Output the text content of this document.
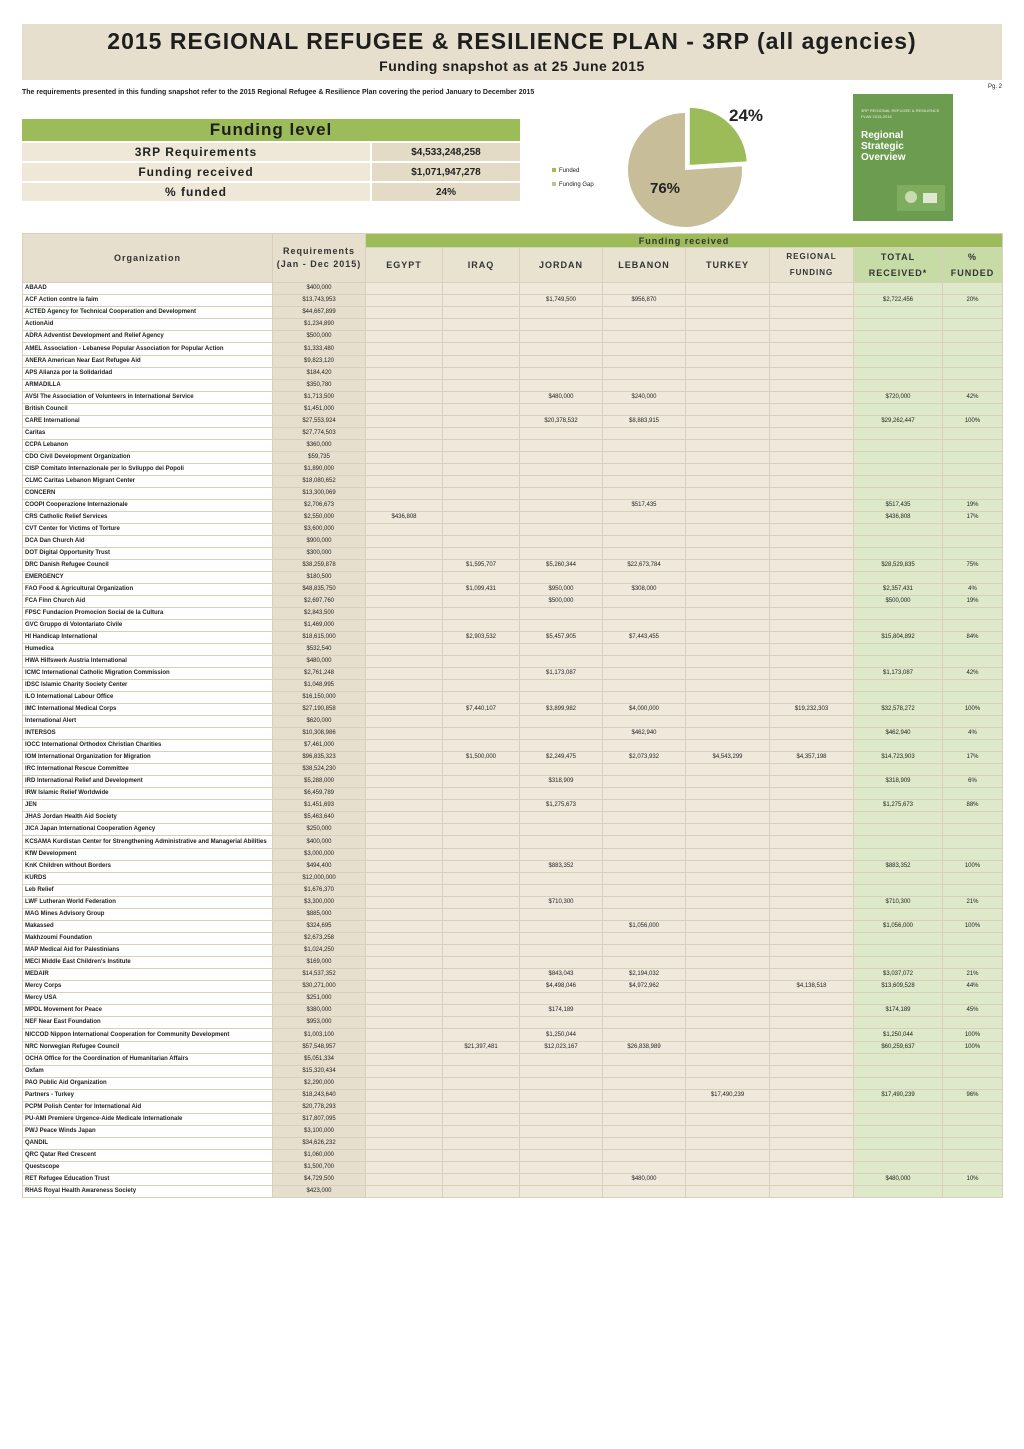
2015 REGIONAL REFUGEE & RESILIENCE PLAN - 3RP (all agencies)
Funding snapshot as at 25 June 2015
The requirements presented in this funding snapshot refer to the 2015 Regional Refugee & Resilience Plan covering the period January to December 2015
Pg. 2
Funding level	
3RP Requirements	$4,533,248,258
Funding received	$1,071,947,278
% funded	24%
Funded
Funding Gap
24%
76%
3RP REGIONAL REFUGEE & RESILIENCE PLAN 2015-2016
Regional Strategic Overview
Organization	Requirements (Jan - Dec 2015)	Funding received							
		EGYPT	IRAQ	JORDAN	LEBANON	TURKEY	REGIONAL FUNDING	TOTAL RECEIVED*	% FUNDED
ABAAD	$400,000								
ACF Action contre la faim	$13,743,953			$1,749,500	$956,870			$2,722,456	20%
ACTED Agency for Technical Cooperation and Development	$44,667,899								
ActionAid	$1,234,890								
ADRA Adventist Development and Relief Agency	$500,000								
AMEL Association - Lebanese Popular Association for Popular Action	$1,333,480								
ANERA American Near East Refugee Aid	$9,823,120								
APS Alianza por la Solidaridad	$184,420								
ARMADILLA	$350,780								
AVSI The Association of Volunteers in International Service	$1,713,500			$480,000	$240,000			$720,000	42%
British Council	$1,451,000								
CARE International	$27,553,924			$20,378,532	$8,883,915			$29,262,447	100%
Caritas	$27,774,503								
CCPA Lebanon	$360,000								
CDO Civil Development Organization	$59,735								
CISP Comitato Internazionale per lo Sviluppo dei Popoli	$1,890,000								
CLMC Caritas Lebanon Migrant Center	$18,080,652								
CONCERN	$13,300,069								
COOPI Cooperazione Internazionale	$2,706,673				$517,435			$517,435	19%
CRS Catholic Relief Services	$2,550,000	$436,808						$436,808	17%
CVT Center for Victims of Torture	$3,600,000								
DCA Dan Church Aid	$900,000								
DOT Digital Opportunity Trust	$300,000								
DRC Danish Refugee Council	$38,259,878		$1,595,707	$5,260,344	$22,673,784			$28,529,835	75%
EMERGENCY	$180,500								
FAO Food & Agricultural Organization	$48,835,750		$1,099,431	$950,000	$308,000			$2,357,431	4%
FCA Finn Church Aid	$2,697,760			$500,000				$500,000	19%
FPSC Fundacion Promocion Social de la Cultura	$2,843,500								
GVC Gruppo di Volontariato Civile	$1,469,000								
HI Handicap International	$18,615,000		$2,903,532	$5,457,905	$7,443,455			$15,804,892	84%
Humedica	$532,540								
HWA Hilfswerk Austria International	$480,000								
ICMC International Catholic Migration Commission	$2,761,248			$1,173,087				$1,173,087	42%
IDSC Islamic Charity Society Center	$1,048,995								
ILO International Labour Office	$16,150,000								
IMC International Medical Corps	$27,190,858		$7,440,107	$3,899,982	$4,000,000		$19,232,303	$32,578,272	100%
International Alert	$620,000								
INTERSOS	$10,308,986				$462,940			$462,940	4%
IOCC International Orthodox Christian Charities	$7,461,000								
IOM International Organization for Migration	$96,835,323		$1,500,000	$2,249,475	$2,073,932	$4,543,299	$4,357,198	$14,723,903	17%
IRC International Rescue Committee	$38,524,230								
IRD International Relief and Development	$5,288,000			$318,909				$318,909	6%
IRW Islamic Relief Worldwide	$6,459,789								
JEN	$1,451,693			$1,275,673				$1,275,673	88%
JHAS Jordan Health Aid Society	$5,463,640								
JICA Japan International Cooperation Agency	$250,000								
KCSAMA Kurdistan Center for Strengthening Administrative and Managerial Abilities	$400,000								
KfW Development	$3,000,000								
KnK Children without Borders	$494,400			$883,352				$883,352	100%
KURDS	$12,000,000								
Leb Relief	$1,676,370								
LWF Lutheran World Federation	$3,300,000			$710,300				$710,300	21%
MAG Mines Advisory Group	$885,000								
Makassed	$324,695				$1,056,000			$1,056,000	100%
Makhzoumi Foundation	$2,673,258								
MAP Medical Aid for Palestinians	$1,024,250								
MECI Middle East Children's Institute	$169,000								
MEDAIR	$14,537,352			$843,043	$2,194,032			$3,037,072	21%
Mercy Corps	$30,271,000			$4,498,046	$4,972,962		$4,138,518	$13,609,528	44%
Mercy USA	$251,000								
MPDL Movement for Peace	$380,000			$174,189				$174,189	45%
NEF Near East Foundation	$953,000								
NICCOD Nippon International Cooperation for Community Development	$1,003,100			$1,250,044				$1,250,044	100%
NRC Norwegian Refugee Council	$57,548,957		$21,397,481	$12,023,167	$26,838,989			$60,259,637	100%
OCHA Office for the Coordination of Humanitarian Affairs	$5,051,334								
Oxfam	$15,320,434								
PAO Public Aid Organization	$2,290,000								
Partners - Turkey	$18,243,640					$17,490,239		$17,490,239	96%
PCPM Polish Center for International Aid	$20,778,293								
PU-AMI Premiere Urgence-Aide Medicale Internationale	$17,807,095								
PWJ Peace Winds Japan	$3,100,000								
QANDIL	$34,626,232								
QRC Qatar Red Crescent	$1,060,000								
Questscope	$1,500,700								
RET Refugee Education Trust	$4,729,500				$480,000			$480,000	10%
RHAS Royal Health Awareness Society	$423,000								
